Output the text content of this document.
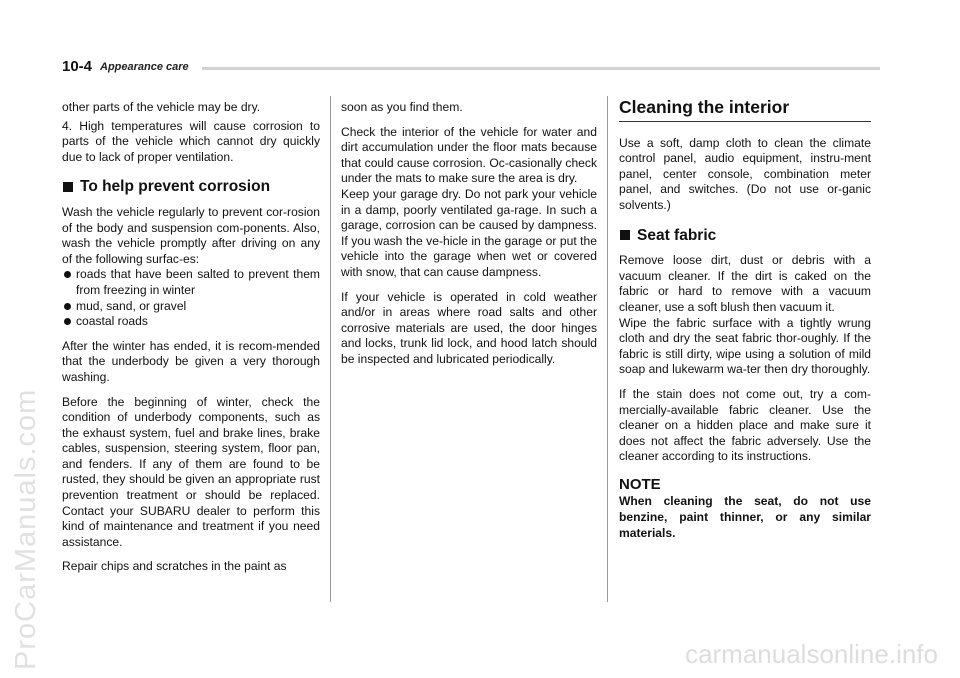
10-4 Appearance care

other parts of the vehicle may be dry.

4. High temperatures will cause corrosion to parts of the vehicle which cannot dry quickly due to lack of proper ventilation.

To help prevent corrosion

Wash the vehicle regularly to prevent cor-rosion of the body and suspension com-ponents. Also, wash the vehicle promptly after driving on any of the following surfac-es:

roads that have been salted to prevent them from freezing in winter
mud, sand, or gravel
coastal roads

After the winter has ended, it is recom-mended that the underbody be given a very thorough washing.

Before the beginning of winter, check the condition of underbody components, such as the exhaust system, fuel and brake lines, brake cables, suspension, steering system, floor pan, and fenders. If any of them are found to be rusted, they should be given an appropriate rust prevention treatment or should be replaced. Contact your SUBARU dealer to perform this kind of maintenance and treatment if you need assistance.

Repair chips and scratches in the paint as

soon as you find them.

Check the interior of the vehicle for water and dirt accumulation under the floor mats because that could cause corrosion. Oc-casionally check under the mats to make sure the area is dry.

Keep your garage dry. Do not park your vehicle in a damp, poorly ventilated ga-rage. In such a garage, corrosion can be caused by dampness. If you wash the ve-hicle in the garage or put the vehicle into the garage when wet or covered with snow, that can cause dampness.

If your vehicle is operated in cold weather and/or in areas where road salts and other corrosive materials are used, the door hinges and locks, trunk lid lock, and hood latch should be inspected and lubricated periodically.

Cleaning the interior

Use a soft, damp cloth to clean the climate control panel, audio equipment, instru-ment panel, center console, combination meter panel, and switches. (Do not use or-ganic solvents.)

Seat fabric

Remove loose dirt, dust or debris with a vacuum cleaner. If the dirt is caked on the fabric or hard to remove with a vacuum cleaner, use a soft blush then vacuum it.

Wipe the fabric surface with a tightly wrung cloth and dry the seat fabric thor-oughly. If the fabric is still dirty, wipe using a solution of mild soap and lukewarm wa-ter then dry thoroughly.

If the stain does not come out, try a com-mercially-available fabric cleaner. Use the cleaner on a hidden place and make sure it does not affect the fabric adversely. Use the cleaner according to its instructions.

NOTE

When cleaning the seat, do not use benzine, paint thinner, or any similar materials.

ProCarManuals.com	carmanualsonline.info
